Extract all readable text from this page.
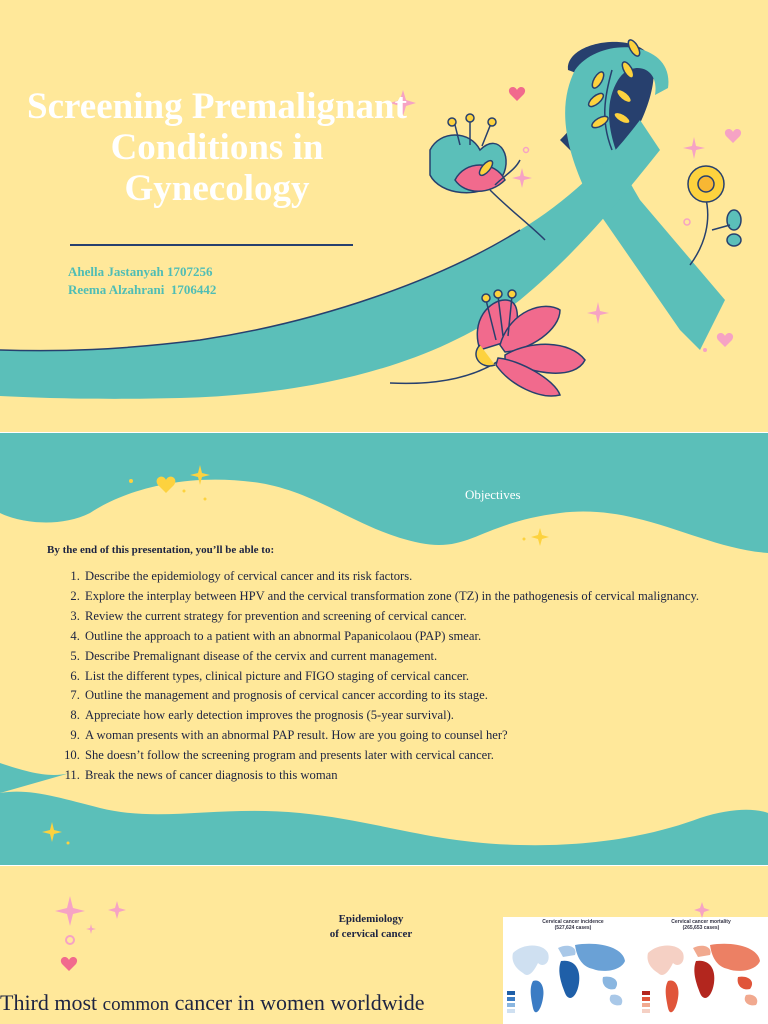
Screening Premalignant
Conditions in
Gynecology
Ahella Jastanyah 1707256
Reema Alzahrani  1706442
Objectives
By the end of this presentation, you’ll be able to:
1. Describe the epidemiology of cervical cancer and its risk factors.
2. Explore the interplay between HPV and the cervical transformation zone (TZ) in the pathogenesis of cervical malignancy.
3. Review the current strategy for prevention and screening of cervical cancer.
4. Outline the approach to a patient with an abnormal Papanicolaou (PAP) smear.
5. Describe Premalignant disease of the cervix and current management.
6. List the different types, clinical picture and FIGO staging of cervical cancer.
7. Outline the management and prognosis of cervical cancer according to its stage.
8. Appreciate how early detection improves the prognosis (5-year survival).
9. A woman presents with an abnormal PAP result. How are you going to counsel her?
10. She doesn’t follow the screening program and presents later with cervical cancer.
11. Break the news of cancer diagnosis to this woman
Epidemiology
of cervical cancer
Third most common cancer in women worldwide
Cervical cancer incidence
(527,624 cases)
Cervical cancer mortality
(265,653 cases)
